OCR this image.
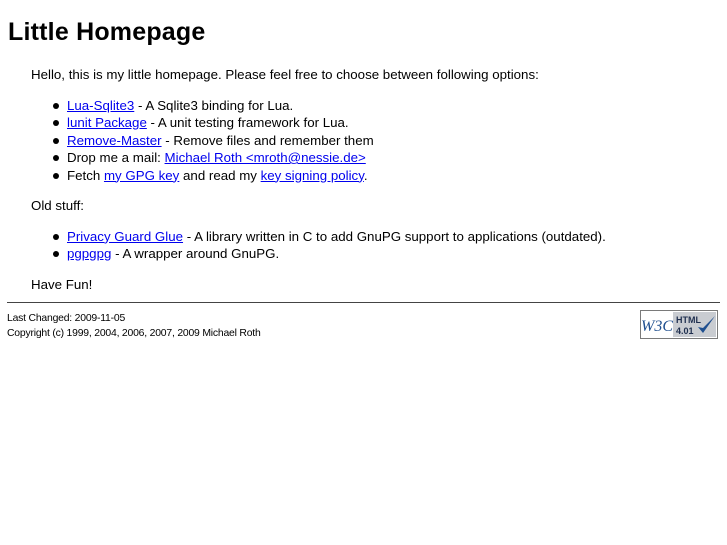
Little Homepage

Hello, this is my little homepage. Please feel free to choose between following options:

Lua-Sqlite3 - A Sqlite3 binding for Lua.
lunit Package - A unit testing framework for Lua.
Remove-Master - Remove files and remember them
Drop me a mail: Michael Roth <mroth@nessie.de>
Fetch my GPG key and read my key signing policy.

Old stuff:

Privacy Guard Glue - A library written in C to add GnuPG support to applications (outdated).
pgpgpg - A wrapper around GnuPG.

Have Fun!

Last Changed: 2009-11-05
Copyright (c) 1999, 2004, 2006, 2007, 2009 Michael Roth	W3C HTML
4.01
